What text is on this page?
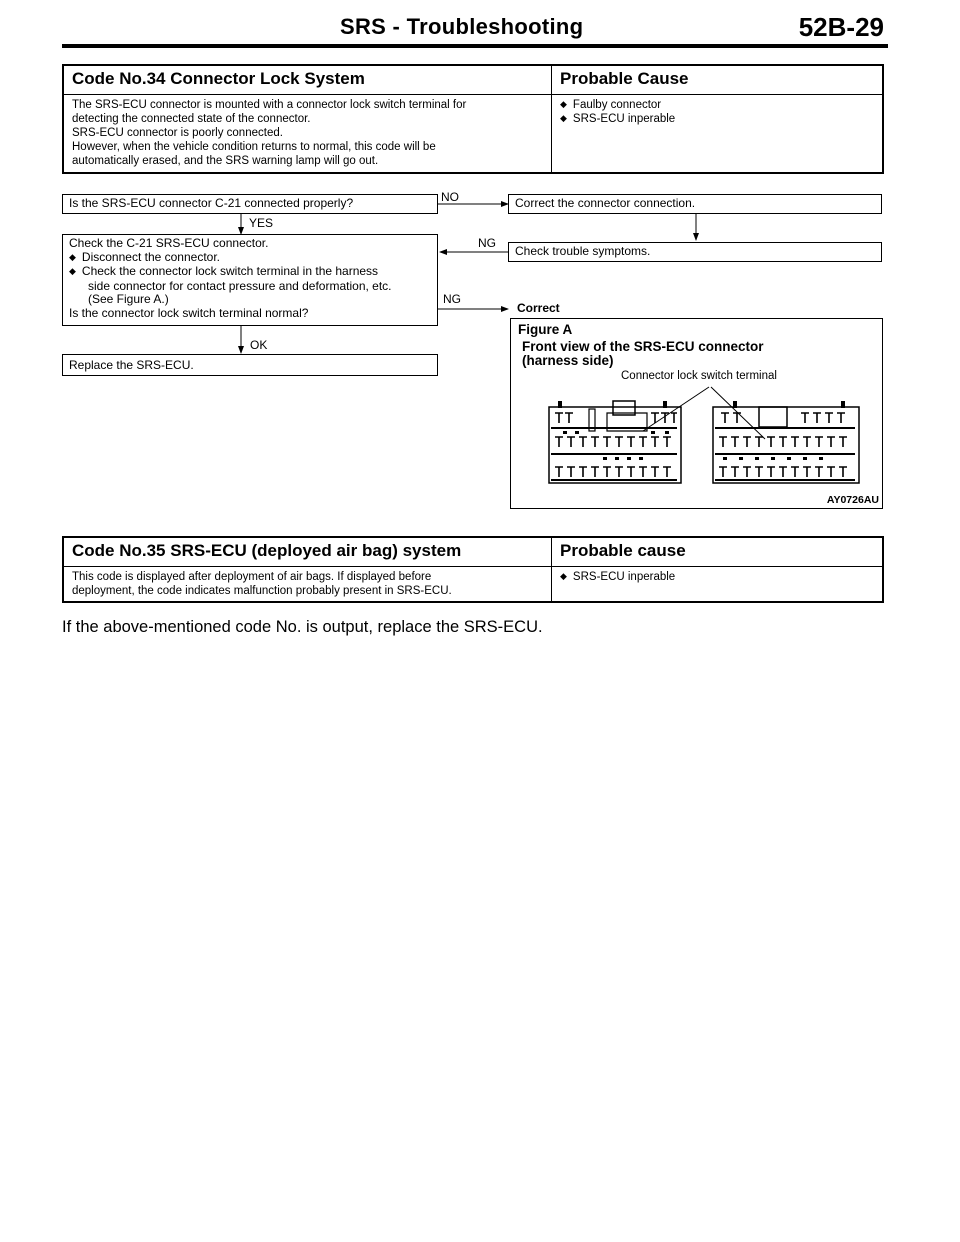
SRS - Troubleshooting	52B-29
Code No.34 Connector Lock System	Probable Cause
The SRS-ECU connector is mounted with a connector lock switch terminal for
detecting the connected state of the connector.
SRS-ECU connector is poorly connected.
However, when the vehicle condition returns to normal, this code will be
automatically erased, and the SRS warning lamp will go out.
◆ Faulby connector
◆ SRS-ECU inperable
Is the SRS-ECU connector C-21 connected properly?	NO	Correct the connector connection.
YES
Check the C-21 SRS-ECU connector.
◆ Disconnect the connector.
◆ Check the connector lock switch terminal in the harness
side connector for contact pressure and deformation, etc.
(See Figure A.)
Is the connector lock switch terminal normal?
NG
Check trouble symptoms.
NG
Correct
OK
Replace the SRS-ECU.
Figure A
Front view of the SRS-ECU connector
(harness side)
Connector lock switch terminal
AY0726AU
Code No.35 SRS-ECU (deployed air bag) system	Probable cause
This code is displayed after deployment of air bags. If displayed before
deployment, the code indicates malfunction probably present in SRS-ECU.
◆ SRS-ECU inperable
If the above-mentioned code No. is output, replace the SRS-ECU.
